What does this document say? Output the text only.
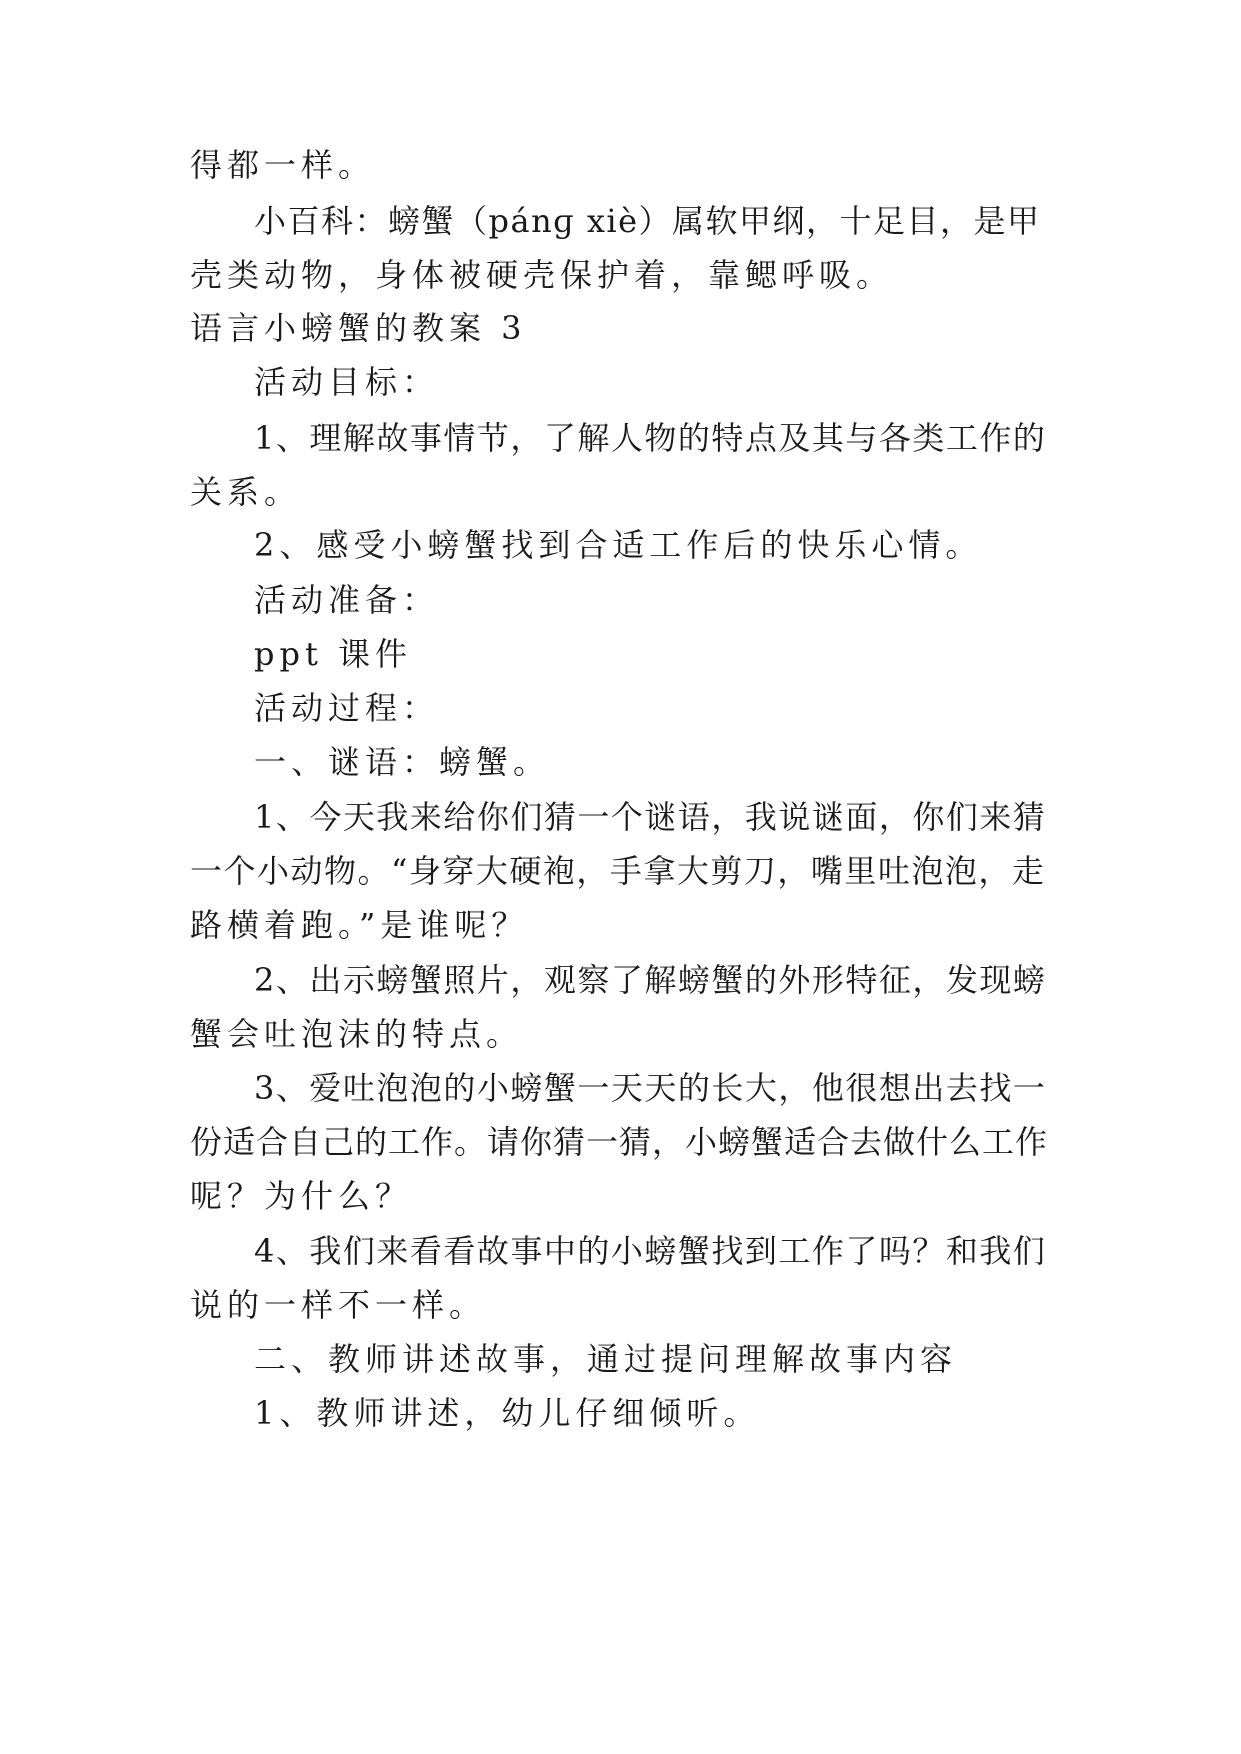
得都一样。
小百科：螃蟹（pánɡ xiè）属软甲纲，十足目，是甲
壳类动物，身体被硬壳保护着，靠鳃呼吸。
语言小螃蟹的教案 3
活动目标：
1、理解故事情节，了解人物的特点及其与各类工作的
关系。
2、感受小螃蟹找到合适工作后的快乐心情。
活动准备：
ppt 课件
活动过程：
一、谜语：螃蟹。
1、今天我来给你们猜一个谜语，我说谜面，你们来猜
一个小动物。“身穿大硬袍，手拿大剪刀，嘴里吐泡泡，走
路横着跑。”是谁呢？
2、出示螃蟹照片，观察了解螃蟹的外形特征，发现螃
蟹会吐泡沫的特点。
3、爱吐泡泡的小螃蟹一天天的长大，他很想出去找一
份适合自己的工作。请你猜一猜，小螃蟹适合去做什么工作
呢？为什么？
4、我们来看看故事中的小螃蟹找到工作了吗？和我们
说的一样不一样。
二、教师讲述故事，通过提问理解故事内容
1、教师讲述，幼儿仔细倾听。
